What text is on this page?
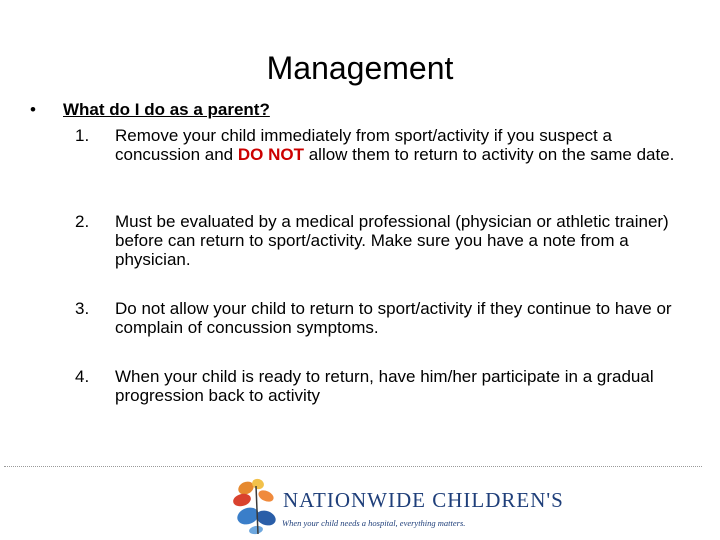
Management
• What do I do as a parent?
1. Remove your child immediately from sport/activity if you suspect a concussion and DO NOT allow them to return to activity on the same date.
2. Must be evaluated by a medical professional (physician or athletic trainer) before can return to sport/activity. Make sure you have a note from a physician.
3. Do not allow your child to return to sport/activity if they continue to have or complain of concussion symptoms.
4. When your child is ready to return, have him/her participate in a gradual progression back to activity
NATIONWIDE CHILDREN'S
When your child needs a hospital, everything matters.
